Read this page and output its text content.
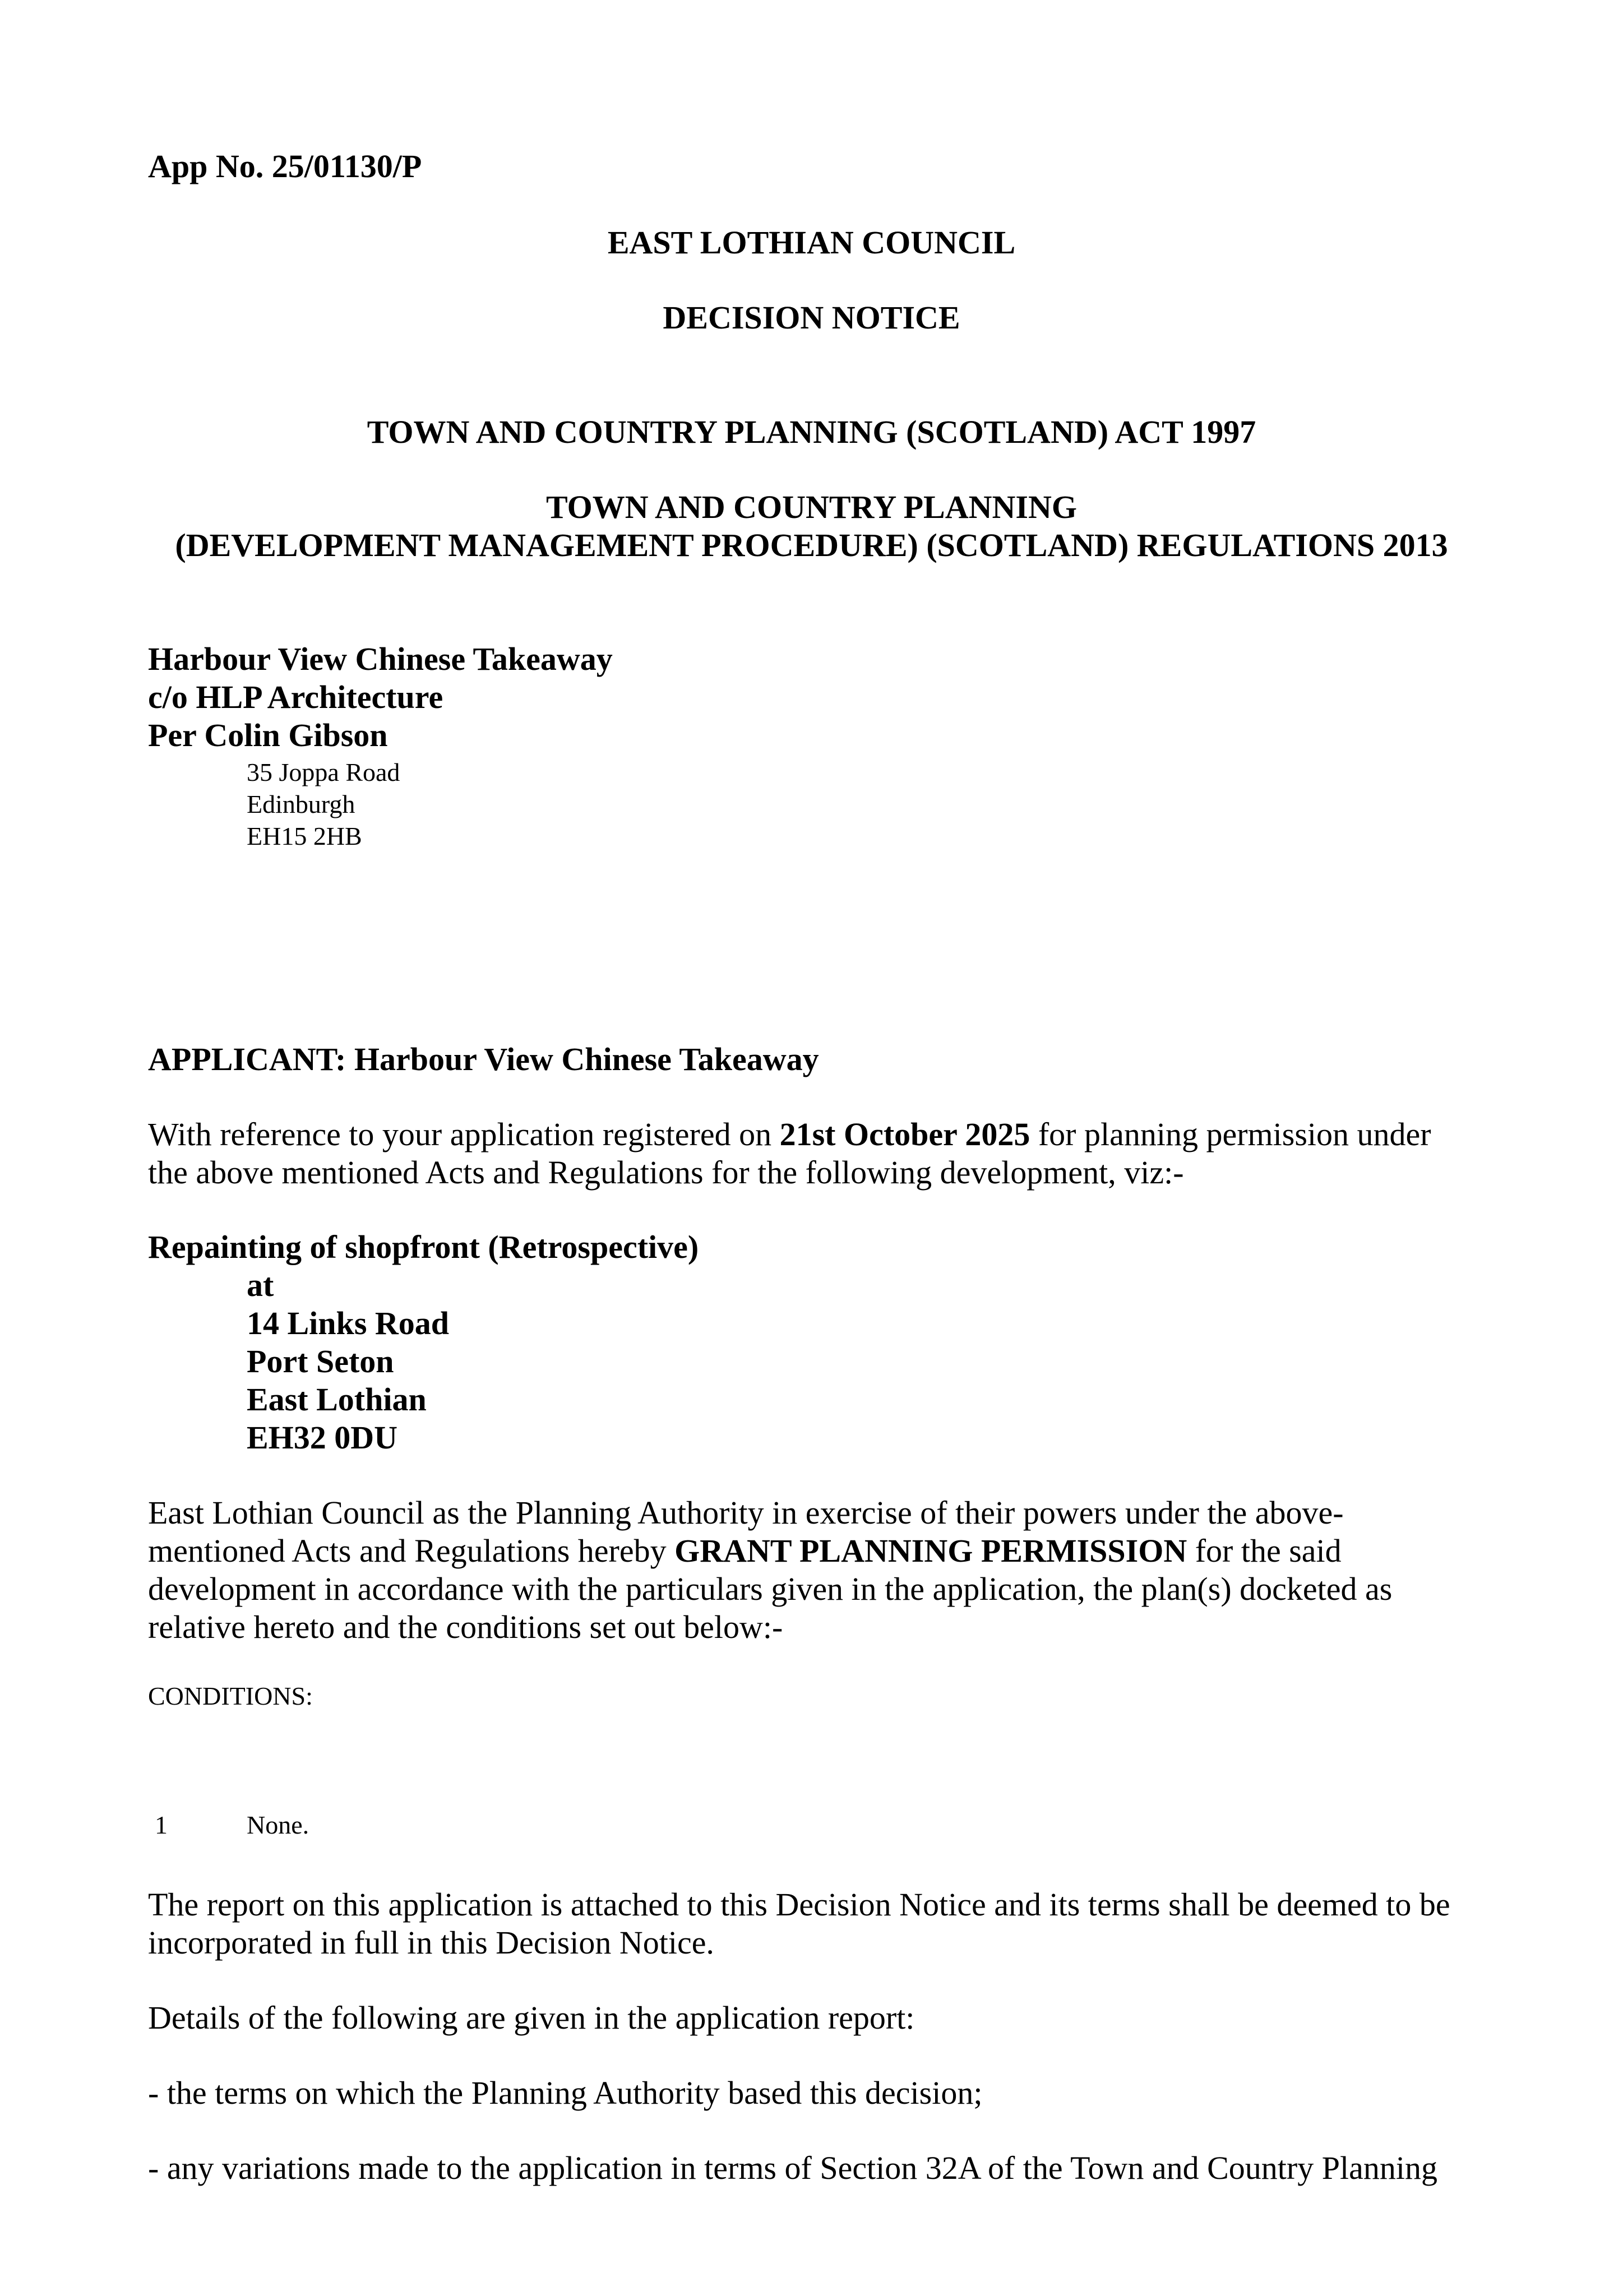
App No. 25/01130/P

EAST LOTHIAN COUNCIL

DECISION NOTICE

TOWN AND COUNTRY PLANNING (SCOTLAND) ACT 1997

TOWN AND COUNTRY PLANNING

(DEVELOPMENT MANAGEMENT PROCEDURE) (SCOTLAND) REGULATIONS 2013

Harbour View Chinese Takeaway

c/o HLP Architecture

Per Colin Gibson

35 Joppa Road

Edinburgh

EH15 2HB

APPLICANT: Harbour View Chinese Takeaway

With reference to your application registered on 21st October 2025 for planning permission under

the above mentioned Acts and Regulations for the following development, viz:-

Repainting of shopfront (Retrospective)

at

14 Links Road

Port Seton

East Lothian

EH32 0DU

East Lothian Council as the Planning Authority in exercise of their powers under the above-

mentioned Acts and Regulations hereby GRANT PLANNING PERMISSION for the said

development in accordance with the particulars given in the application, the plan(s) docketed as

relative hereto and the conditions set out below:-

CONDITIONS:

1	None.

The report on this application is attached to this Decision Notice and its terms shall be deemed to be

incorporated in full in this Decision Notice.

Details of the following are given in the application report:

- the terms on which the Planning Authority based this decision;

- any variations made to the application in terms of Section 32A of the Town and Country Planning
